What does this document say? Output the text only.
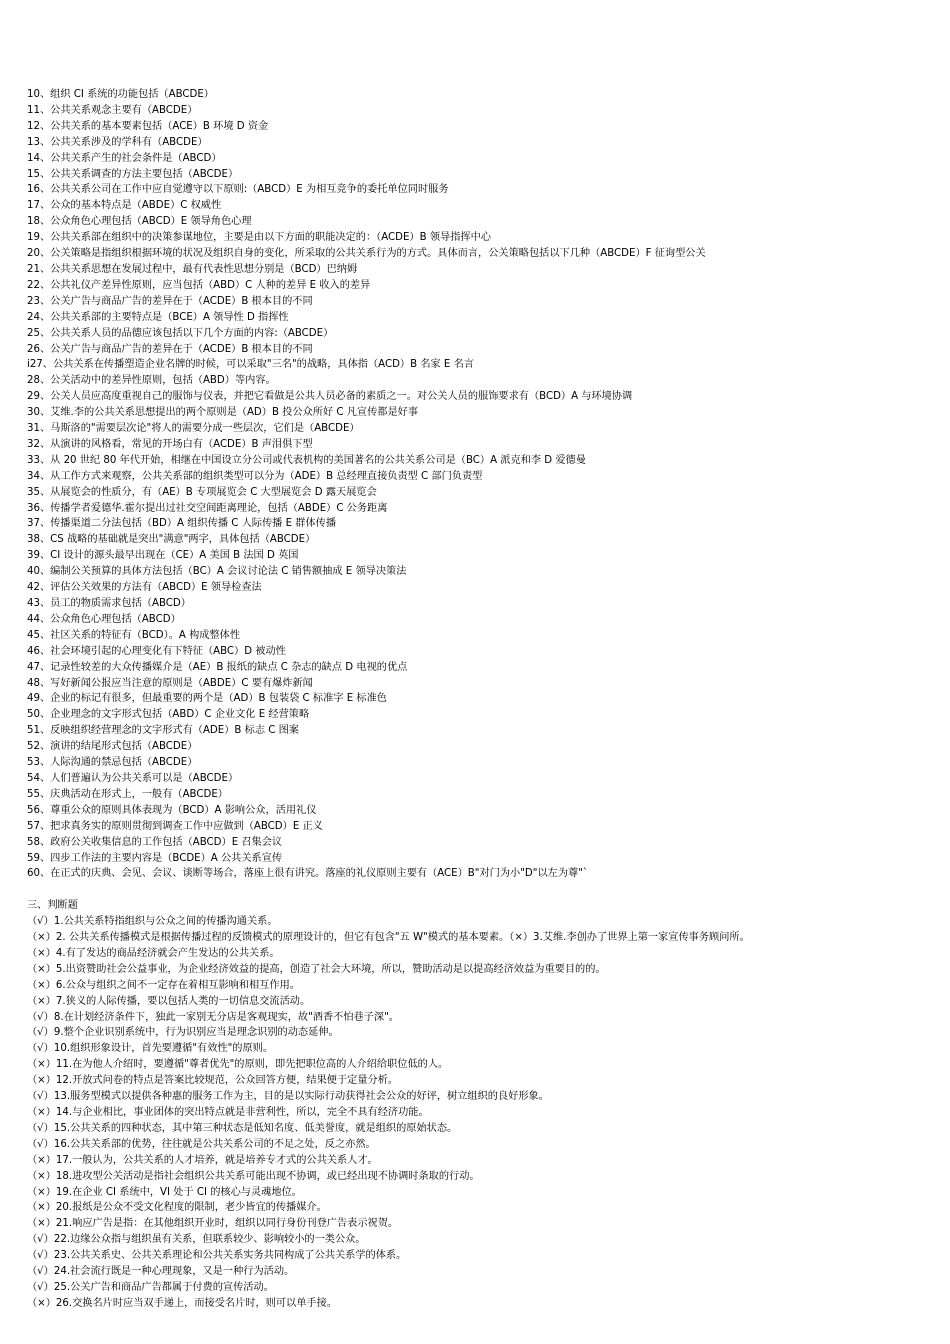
10、组织 CI 系统的功能包括（ABCDE）
11、公共关系观念主要有（ABCDE）
12、公共关系的基本要素包括（ACE）B 环境 D 资金
13、公共关系涉及的学科有（ABCDE）
14、公共关系产生的社会条件是（ABCD）
15、公共关系调查的方法主要包括（ABCDE）
16、公共关系公司在工作中应自觉遵守以下原则:（ABCD）E 为相互竞争的委托单位同时服务
17、公众的基本特点是（ABDE）C 权威性
18、公众角色心理包括（ABCD）E 领导角色心理
19、公共关系部在组织中的决策参谋地位，主要是由以下方面的职能决定的：（ACDE）B 领导指挥中心
20、公关策略是指组织根据环境的状况及组织自身的变化，所采取的公共关系行为的方式。具体而言，公关策略包括以下几种（ABCDE）F 征询型公关
21、公共关系思想在发展过程中，最有代表性思想分别是（BCD）巴纳姆
22、公共礼仪产差异性原则，应当包括（ABD）C 人种的差异 E 收入的差异
23、公关广告与商品广告的差异在于（ACDE）B 根本目的不同
24、公共关系部的主要特点是（BCE）A 领导性 D 指挥性
25、公共关系人员的品德应该包括以下几个方面的内容:（ABCDE）
26、公关广告与商品广告的差异在于（ACDE）B 根本目的不同
i27、公共关系在传播塑造企业名牌的时候，可以采取"三名"的战略，具体指（ACD）B 名家 E 名言
28、公关活动中的差异性原则，包括（ABD）等内容。
29、公关人员应高度重视自己的服饰与仪表，并把它看做是公共人员必备的素质之一。对公关人员的服饰要求有（BCD）A 与环境协调
30、艾维.李的公共关系思想提出的两个原则是（AD）B 投公众所好 C 凡宣传都是好事
31、马斯洛的"需要层次论"将人的需要分成一些层次，它们是（ABCDE）
32、从演讲的风格看，常见的开场白有（ACDE）B 声泪俱下型
33、从 20 世纪 80 年代开始，相继在中国设立分公司或代表机构的美国著名的公共关系公司是（BC）A 派克和李 D 爱德曼
34、从工作方式来观察，公共关系部的组织类型可以分为（ADE）B 总经理直接负责型 C 部门负责型
35、从展览会的性质分，有（AE）B 专项展览会 C 大型展览会 D 露天展览会
36、传播学者爱德华.霍尔提出过社交空间距离理论，包括（ABDE）C 公务距离
37、传播渠道二分法包括（BD）A 组织传播 C 人际传播 E 群体传播
38、CS 战略的基础就是突出"满意"两字，具体包括（ABCDE）
39、CI 设计的源头最早出现在（CE）A 美国 B 法国 D 英国
40、编制公关预算的具体方法包括（BC）A 会议讨论法 C 销售额抽成 E 领导决策法
42、评估公关效果的方法有（ABCD）E 领导检查法
43、员工的物质需求包括（ABCD）
44、公众角色心理包括（ABCD）
45、社区关系的特征有（BCD）。A 构成整体性
46、社会环境引起的心理变化有下特征（ABC）D 被动性
47、记录性较差的大众传播媒介是（AE）B 报纸的缺点 C 杂志的缺点 D 电视的优点
48、写好新闻公报应当注意的原则是（ABDE）C 要有爆炸新闻
49、企业的标记有很多，但最重要的两个是（AD）B 包装袋 C 标准字 E 标准色
50、企业理念的文字形式包括（ABD）C 企业文化 E 经营策略
51、反映组织经营理念的文字形式有（ADE）B 标志 C 图案
52、演讲的结尾形式包括（ABCDE）
53、人际沟通的禁忌包括（ABCDE）
54、人们普遍认为公共关系可以是（ABCDE）
55、庆典活动在形式上，一般有（ABCDE）
56、尊重公众的原则具体表现为（BCD）A 影响公众，活用礼仪
57、把求真务实的原则贯彻到调查工作中应做到（ABCD）E 正义
58、政府公关收集信息的工作包括（ABCD）E 召集会议
59、四步工作法的主要内容是（BCDE）A 公共关系宣传
60、在正式的庆典、会见、会议、谈断等场合，落座上很有讲究。落座的礼仪原则主要有（ACE）B"对门为小"D"以左为尊"`
三、判断题
（√）1.公共关系特指组织与公众之间的传播沟通关系。
（×）2. 公共关系传播模式是根据传播过程的反馈模式的原理设计的，但它有包含"五 W"模式的基本要素。（×）3.艾维.李创办了世界上第一家宣传事务顾问所。
（×）4.有了发达的商品经济就会产生发达的公共关系。
（×）5.出资赞助社会公益事业，为企业经济效益的提高，创造了社会大环境，所以，赞助活动是以提高经济效益为重要目的的。
（×）6.公众与组织之间不一定存在着相互影响和相互作用。
（×）7.狭义的人际传播，要以包括人类的一切信息交流活动。
（√）8.在计划经济条件下，独此一家别无分店是客观现实，故"酒香不怕巷子深"。
（√）9.整个企业识别系统中，行为识别应当是理念识别的动态延伸。
（√）10.组织形象设计，首先要遵循"有效性"的原则。
（×）11.在为他人介绍时，要遵循"尊者优先"的原则，即先把职位高的人介绍给职位低的人。
（×）12.开放式问卷的特点是答案比较规范，公众回答方便，结果便于定量分析。
（√）13.服务型模式以提供各种惠的服务工作为主，目的是以实际行动获得社会公众的好评，树立组织的良好形象。
（×）14.与企业相比，事业团体的突出特点就是非营利性，所以，完全不具有经济功能。
（√）15.公共关系的四种状态，其中第三种状态是低知名度、低美誉度，就是组织的原始状态。
（√）16.公共关系部的优势，往往就是公共关系公司的不足之处，反之亦然。
（×）17.一般认为，公共关系的人才培养，就是培养专才式的公共关系人才。
（×）18.进攻型公关活动是指社会组织公共关系可能出现不协调，或已经出现不协调时条取的行动。
（×）19.在企业 CI 系统中，VI 处于 CI 的核心与灵魂地位。
（×）20.报纸是公众不受文化程度的限制，老少皆宜的传播媒介。
（×）21.响应广告是指：在其他组织开业时，组织以同行身份刊登广告表示祝贺。
（√）22.边缘公众指与组织虽有关系，但联系较少、影响较小的一类公众。
（√）23.公共关系史、公共关系理论和公共关系实务共同构成了公共关系学的体系。
（√）24.社会流行既是一种心理现象，又是一种行为活动。
（√）25.公关广告和商品广告都属于付费的宣传活动。
（×）26.交换名片时应当双手递上，而接受名片时，则可以单手接。
